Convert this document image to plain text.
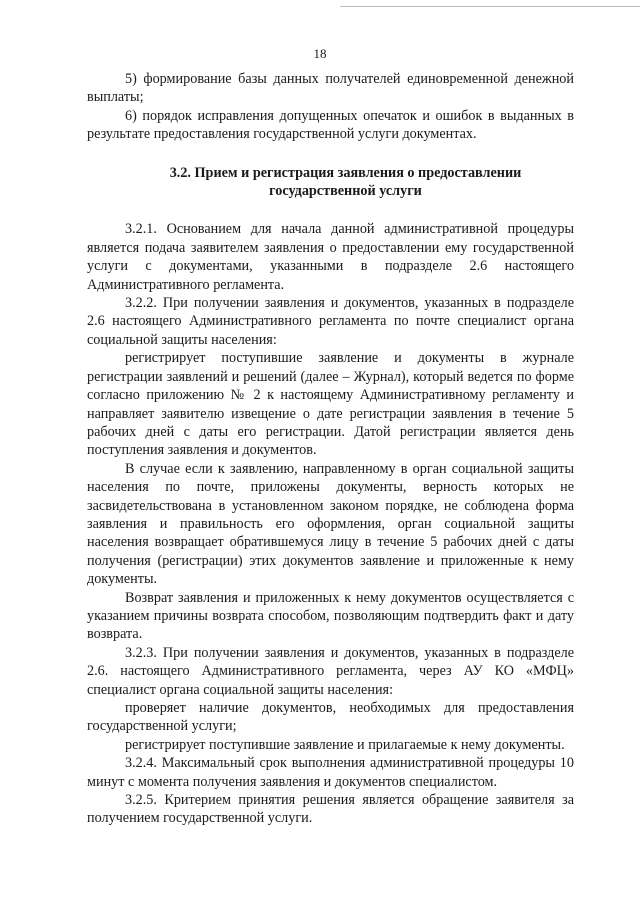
18

5) формирование базы данных получателей единовременной денежной выплаты;

6) порядок исправления допущенных опечаток и ошибок в выданных в результате предоставления государственной услуги документах.

3.2. Прием и регистрация заявления о предоставлении государственной услуги

3.2.1. Основанием для начала данной административной процедуры является подача заявителем заявления о предоставлении ему государственной услуги с документами, указанными в подразделе 2.6 настоящего Административного регламента.

3.2.2. При получении заявления и документов, указанных в подразделе 2.6 настоящего Административного регламента по почте специалист органа социальной защиты населения:

регистрирует поступившие заявление и документы в журнале регистрации заявлений и решений (далее – Журнал), который ведется по форме согласно приложению № 2 к настоящему Административному регламенту и направляет заявителю извещение о дате регистрации заявления в течение 5 рабочих дней с даты его регистрации. Датой регистрации является день поступления заявления и документов.

В случае если к заявлению, направленному в орган социальной защиты населения по почте, приложены документы, верность которых не засвидетельствована в установленном законом порядке, не соблюдена форма заявления и правильность его оформления, орган социальной защиты населения возвращает обратившемуся лицу в течение 5 рабочих дней с даты получения (регистрации) этих документов заявление и приложенные к нему документы.

Возврат заявления и приложенных к нему документов осуществляется с указанием причины возврата способом, позволяющим подтвердить факт и дату возврата.

3.2.3. При получении заявления и документов, указанных в подразделе 2.6. настоящего Административного регламента, через АУ КО «МФЦ» специалист органа социальной защиты населения:

проверяет наличие документов, необходимых для предоставления государственной услуги;

регистрирует поступившие заявление и прилагаемые к нему документы.

3.2.4. Максимальный срок выполнения административной процедуры 10 минут с момента получения заявления и документов специалистом.

3.2.5. Критерием принятия решения является обращение заявителя за получением государственной услуги.
